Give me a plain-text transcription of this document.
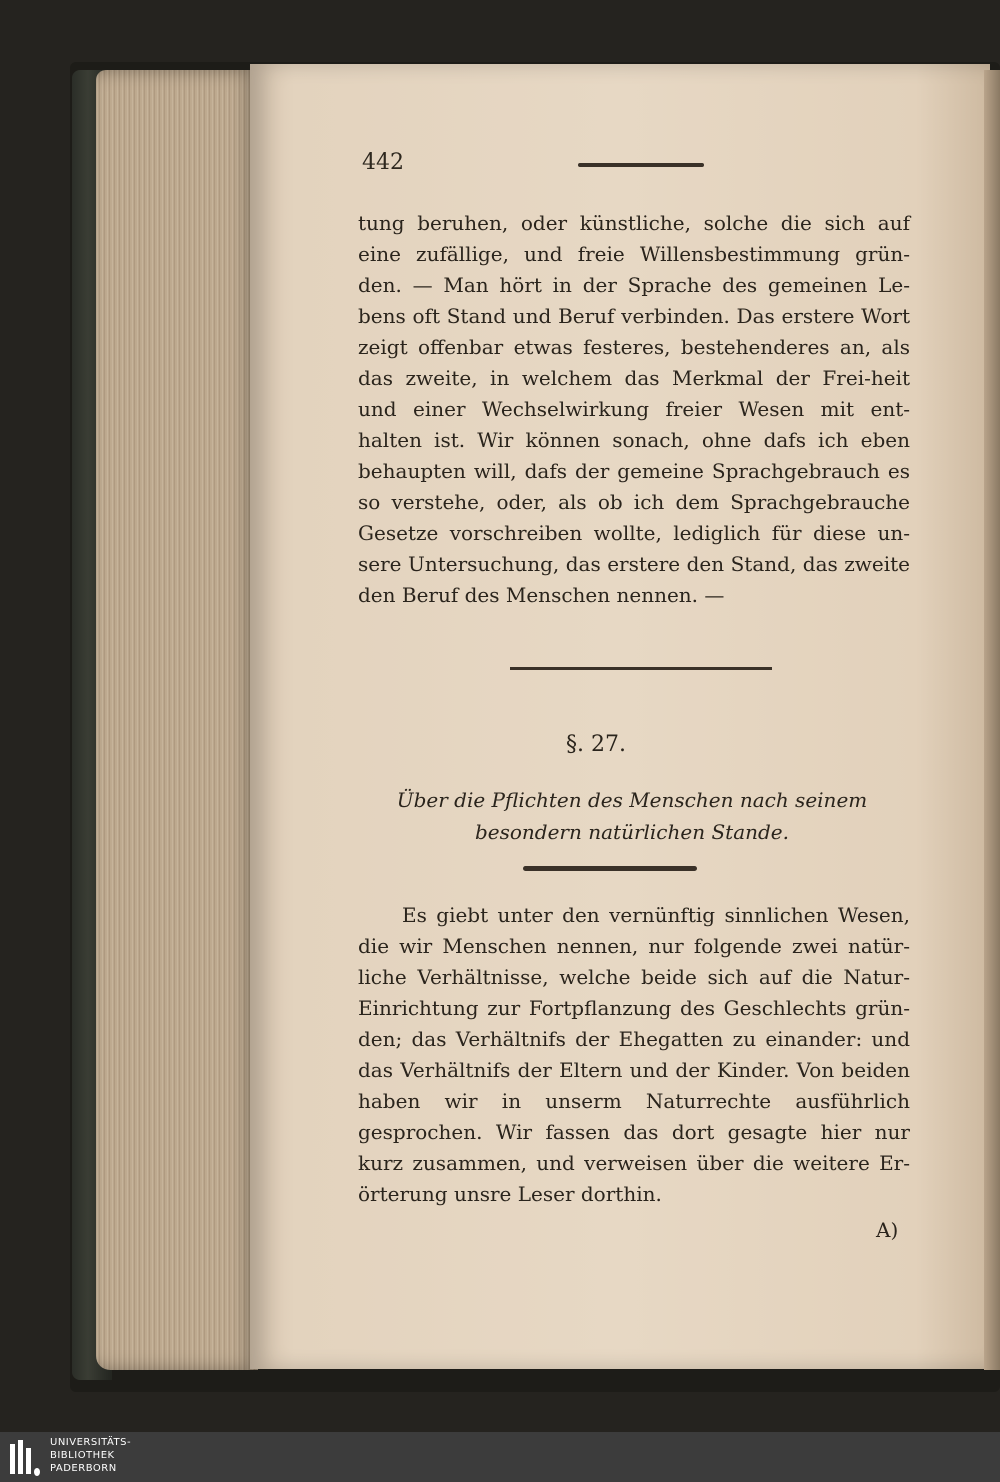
442
tung beruhen, oder künstliche, solche die sich auf eine zufällige, und freie Willensbestimmung grün-den. — Man hört in der Sprache des gemeinen Le-bens oft Stand und Beruf verbinden. Das erstere Wort zeigt offenbar etwas festeres, bestehenderes an, als das zweite, in welchem das Merkmal der Frei-heit und einer Wechselwirkung freier Wesen mit ent-halten ist. Wir können sonach, ohne dafs ich eben behaupten will, dafs der gemeine Sprachgebrauch es so verstehe, oder, als ob ich dem Sprachgebrauche Gesetze vorschreiben wollte, lediglich für diese un-sere Untersuchung, das erstere den Stand, das zweite den Beruf des Menschen nennen. —
§. 27.
Über die Pflichten des Menschen nach seinem
besondern natürlichen Stande.
Es giebt unter den vernünftig sinnlichen Wesen, die wir Menschen nennen, nur folgende zwei natür-liche Verhältnisse, welche beide sich auf die Natur-Einrichtung zur Fortpflanzung des Geschlechts grün-den; das Verhältnifs der Ehegatten zu einander: und das Verhältnifs der Eltern und der Kinder. Von beiden haben wir in unserm Naturrechte ausführlich gesprochen. Wir fassen das dort gesagte hier nur kurz zusammen, und verweisen über die weitere Er-örterung unsre Leser dorthin.
A)
UNIVERSITÄTS-
BIBLIOTHEK
PADERBORN
